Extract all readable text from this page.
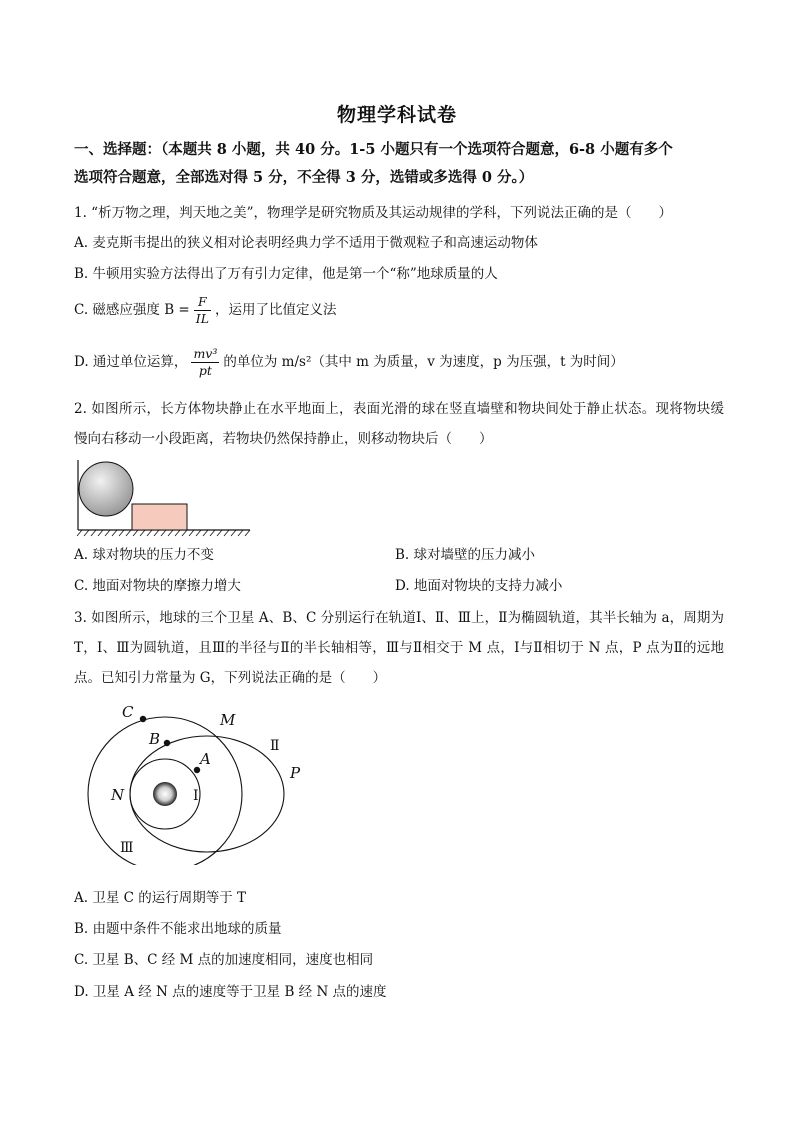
物理学科试卷
一、选择题：（本题共 8 小题，共 40 分。1-5 小题只有一个选项符合题意，6-8 小题有多个
选项符合题意，全部选对得 5 分，不全得 3 分，选错或多选得 0 分。）
1. “析万物之理，判天地之美”，物理学是研究物质及其运动规律的学科，下列说法正确的是（　　）
A. 麦克斯韦提出的狭义相对论表明经典力学不适用于微观粒子和高速运动物体
B. 牛顿用实验方法得出了万有引力定律，他是第一个“称”地球质量的人
C. 磁感应强度 $B = \frac{F}{IL}$ ，运用了比值定义法
D. 通过单位运算， $\frac{\text{mv³}}{pt}$ 的单位为 m/s²（其中 m 为质量，v 为速度，p 为压强，t 为时间）
2. 如图所示，长方体物块静止在水平地面上，表面光滑的球在竖直墙壁和物块间处于静止状态。现将物块缓慢向右移动一小段距离，若物块仍然保持静止，则移动物块后（　　）
A. 球对物块的压力不变	B. 球对墙壁的压力减小
C. 地面对物块的摩擦力增大	D. 地面对物块的支持力减小
3. 如图所示，地球的三个卫星 A、B、C 分别运行在轨道Ⅰ、Ⅱ、Ⅲ上，Ⅱ为椭圆轨道，其半长轴为 a，周期为 T，Ⅰ、Ⅲ为圆轨道，且Ⅲ的半径与Ⅱ的半长轴相等，Ⅲ与Ⅱ相交于 M 点，Ⅰ与Ⅱ相切于 N 点，P 点为Ⅱ的远地点。已知引力常量为 G，下列说法正确的是（　　）
C	M
B
A
P
N
Ⅱ
Ⅰ
Ⅲ
A. 卫星 C 的运行周期等于 T
B. 由题中条件不能求出地球的质量
C. 卫星 B、C 经 M 点的加速度相同，速度也相同
D. 卫星 A 经 N 点的速度等于卫星 B 经 N 点的速度
